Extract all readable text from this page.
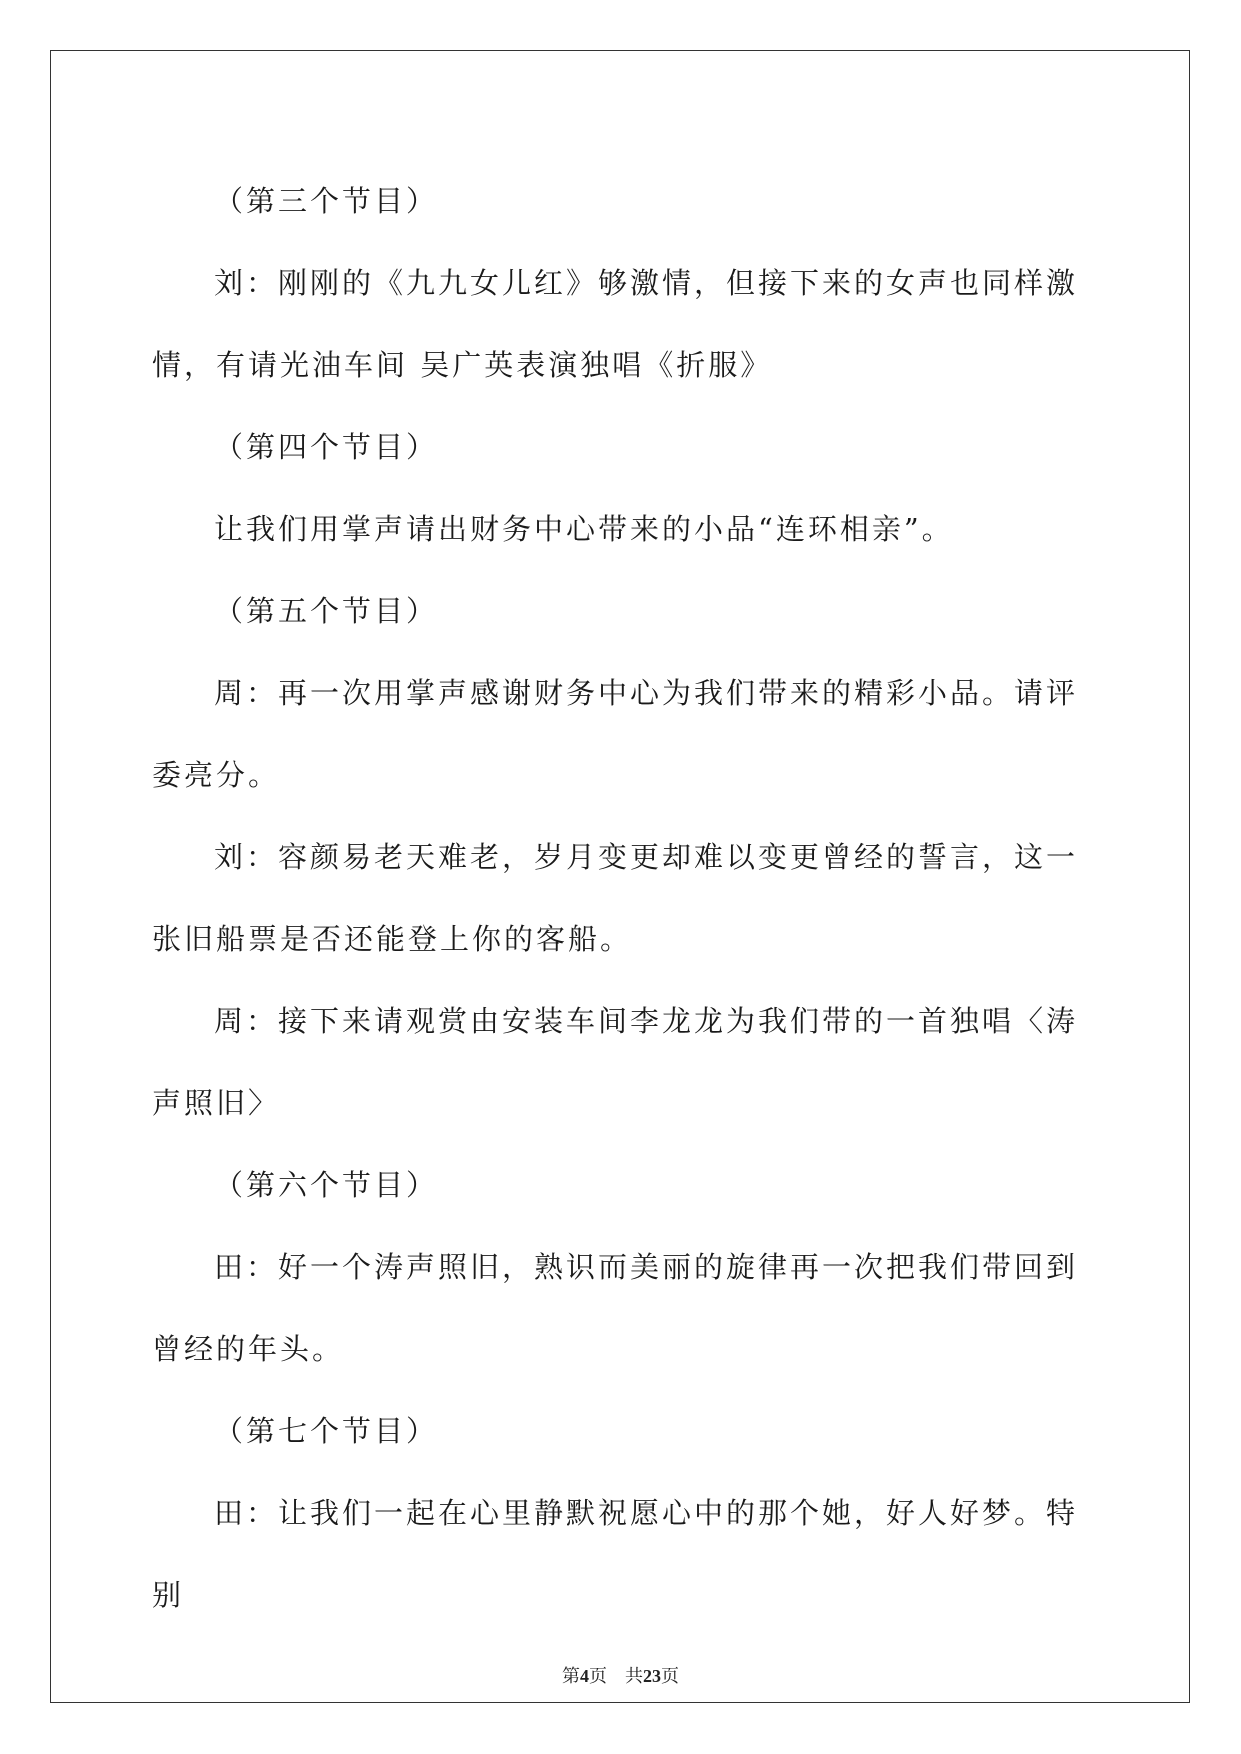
（第三个节目）

刘：刚刚的《九九女儿红》够激情，但接下来的女声也同样激情，有请光油车间 吴广英表演独唱《折服》

（第四个节目）

让我们用掌声请出财务中心带来的小品“连环相亲”。

（第五个节目）

周：再一次用掌声感谢财务中心为我们带来的精彩小品。请评委亮分。

刘：容颜易老天难老，岁月变更却难以变更曾经的誓言，这一张旧船票是否还能登上你的客船。

周：接下来请观赏由安装车间李龙龙为我们带的一首独唱〈涛声照旧〉

（第六个节目）

田：好一个涛声照旧，熟识而美丽的旋律再一次把我们带回到曾经的年头。

（第七个节目）

田：让我们一起在心里静默祝愿心中的那个她，好人好梦。特别

第4页 共23页
